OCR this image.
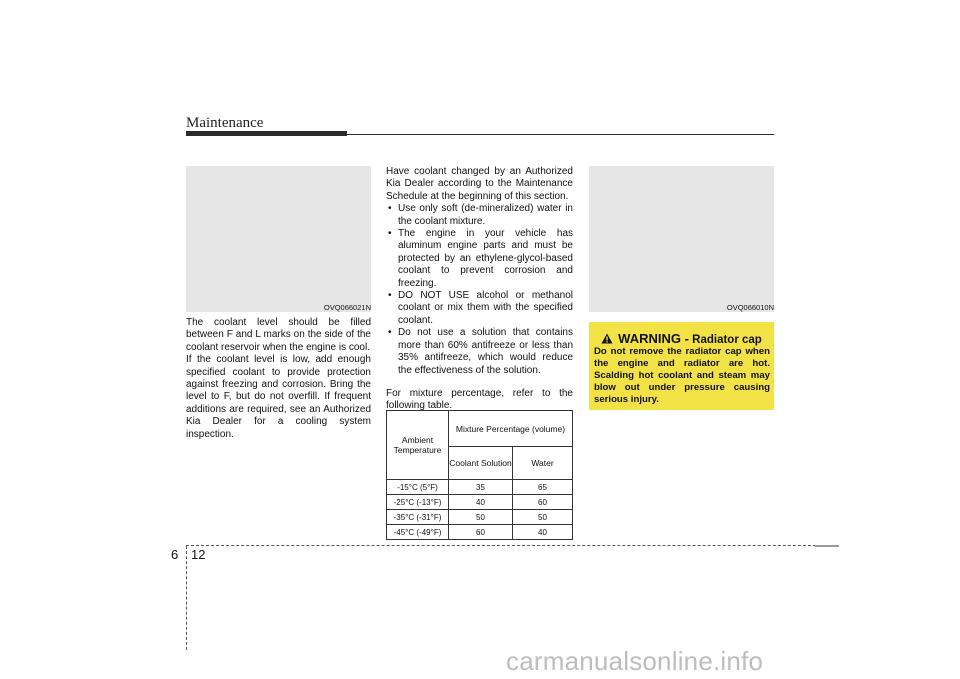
Maintenance
OVQ066021N

The coolant level should be filled between F and L marks on the side of the coolant reservoir when the engine is cool.

If the coolant level is low, add enough specified coolant to provide protection against freezing and corrosion. Bring the level to F, but do not overfill. If frequent additions are required, see an Authorized Kia Dealer for a cooling system inspection.

Have coolant changed by an Authorized Kia Dealer according to the Maintenance Schedule at the beginning of this section.

• Use only soft (de-mineralized) water in the coolant mixture.
• The engine in your vehicle has aluminum engine parts and must be protected by an ethylene-glycol-based coolant to prevent corrosion and freezing.
• DO NOT USE alcohol or methanol coolant or mix them with the specified coolant.
• Do not use a solution that contains more than 60% antifreeze or less than 35% antifreeze, which would reduce the effectiveness of the solution.

For mixture percentage, refer to the following table.

Ambient Temperature	Mixture Percentage (volume)	
	Coolant Solution	Water
-15°C (5°F)	35	65
-25°C (-13°F)	40	60
-35°C (-31°F)	50	50
-45°C (-49°F)	60	40
OVQ066010N
WARNING - Radiator cap
Do not remove the radiator cap when the engine and radiator are hot. Scalding hot coolant and steam may blow out under pressure causing serious injury.
6 12
carmanualsonline.info
